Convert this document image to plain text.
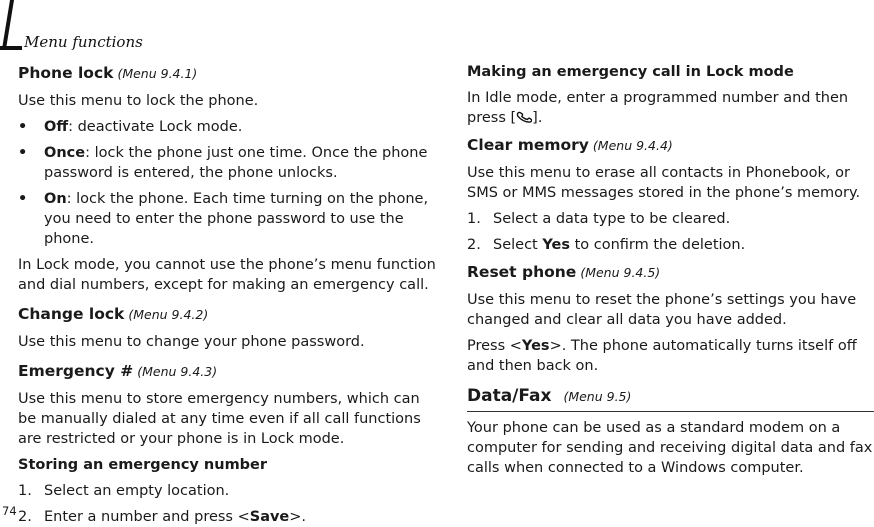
Menu functions
Phone lock (Menu 9.4.1)

Use this menu to lock the phone.

•	Off: deactivate Lock mode.
•	Once: lock the phone just one time. Once the phone password is entered, the phone unlocks.
•	On: lock the phone. Each time turning on the phone, you need to enter the phone password to use the phone.

In Lock mode, you cannot use the phone’s menu function and dial numbers, except for making an emergency call.

Change lock (Menu 9.4.2)

Use this menu to change your phone password.

Emergency # (Menu 9.4.3)

Use this menu to store emergency numbers, which can be manually dialed at any time even if all call functions are restricted or your phone is in Lock mode.

Storing an emergency number
1. Select an empty location.
2. Enter a number and press <Save>.
Making an emergency call in Lock mode

In Idle mode, enter a programmed number and then press [ ].

Clear memory (Menu 9.4.4)

Use this menu to erase all contacts in Phonebook, or SMS or MMS messages stored in the phone’s memory.

1. Select a data type to be cleared.
2. Select Yes to confirm the deletion.
Reset phone (Menu 9.4.5)

Use this menu to reset the phone’s settings you have changed and clear all data you have added.

Press <Yes>. The phone automatically turns itself off and then back on.

Data/Fax (Menu 9.5)

Your phone can be used as a standard modem on a computer for sending and receiving digital data and fax calls when connected to a Windows computer.

74
